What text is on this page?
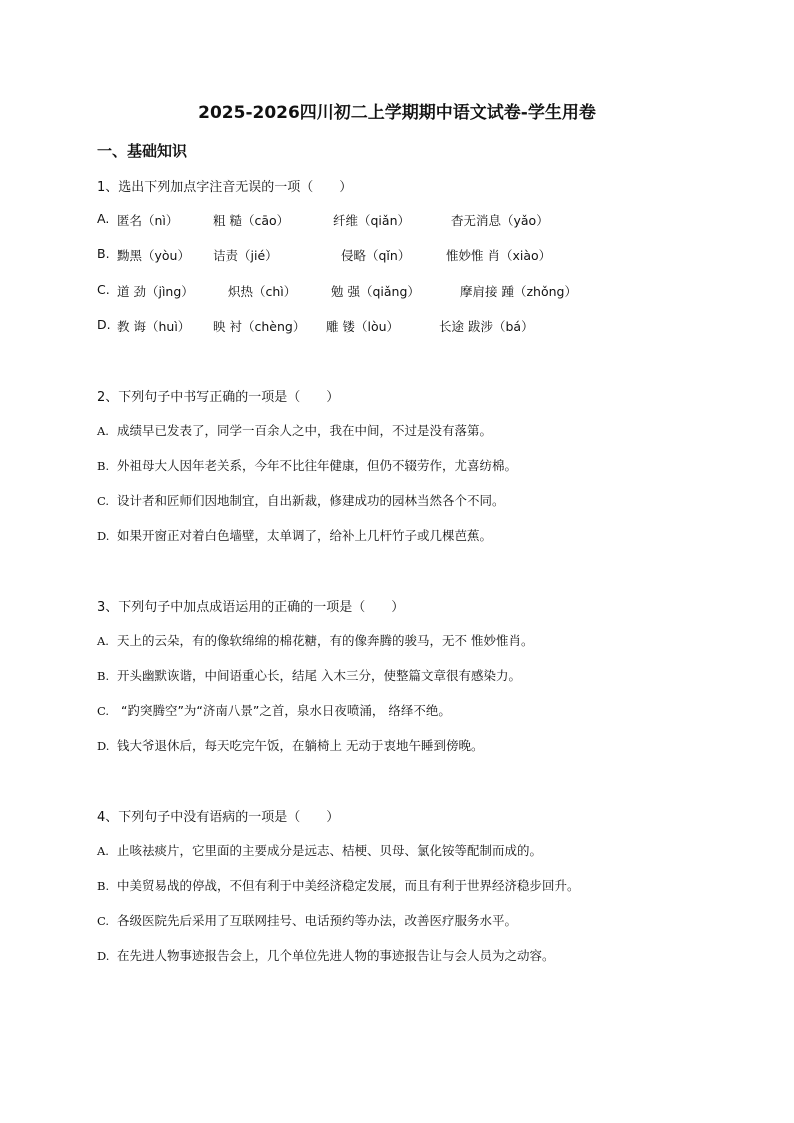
2025-2026四川初二上学期期中语文试卷-学生用卷
一、基础知识
1、选出下列加点字注音无误的一项（　　）
A. 匿名（nì）	粗 糙（cāo）	纤维（qiǎn）	杳无消息（yǎo）
B. 黝黑（yòu） 诘责（jié）	侵略（qǐn）	惟妙惟 肖（xiào）
C. 道 劲（jìng）	炽热（chì）	勉 强（qiǎng）	摩肩接 踵（zhǒng）
D. 教 诲（huì） 映 衬（chèng） 雕 镂（lòu）	长途 跋涉（bá）
2、下列句子中书写正确的一项是（　　）
A. 成绩早已发表了，同学一百余人之中，我在中间，不过是没有落第。
B. 外祖母大人因年老关系，今年不比往年健康，但仍不辍劳作，尤喜纺棉。
C. 设计者和匠师们因地制宜，自出新裁，修建成功的园林当然各个不同。
D. 如果开窗正对着白色墙壁，太单调了，给补上几杆竹子或几棵芭蕉。
3、下列句子中加点成语运用的正确的一项是（　　）
A. 天上的云朵，有的像软绵绵的棉花糖，有的像奔腾的骏马，无不 惟妙惟肖。
B. 开头幽默诙谐，中间语重心长，结尾 入木三分，使整篇文章很有感染力。
C. “趵突腾空”为“济南八景”之首，泉水日夜喷涌， 络绎不绝。
D. 钱大爷退休后，每天吃完午饭，在躺椅上 无动于衷地午睡到傍晚。
4、下列句子中没有语病的一项是（　　）
A. 止咳祛痰片，它里面的主要成分是远志、桔梗、贝母、氯化铵等配制而成的。
B. 中美贸易战的停战，不但有利于中美经济稳定发展，而且有利于世界经济稳步回升。
C. 各级医院先后采用了互联网挂号、电话预约等办法，改善医疗服务水平。
D. 在先进人物事迹报告会上，几个单位先进人物的事迹报告让与会人员为之动容。
